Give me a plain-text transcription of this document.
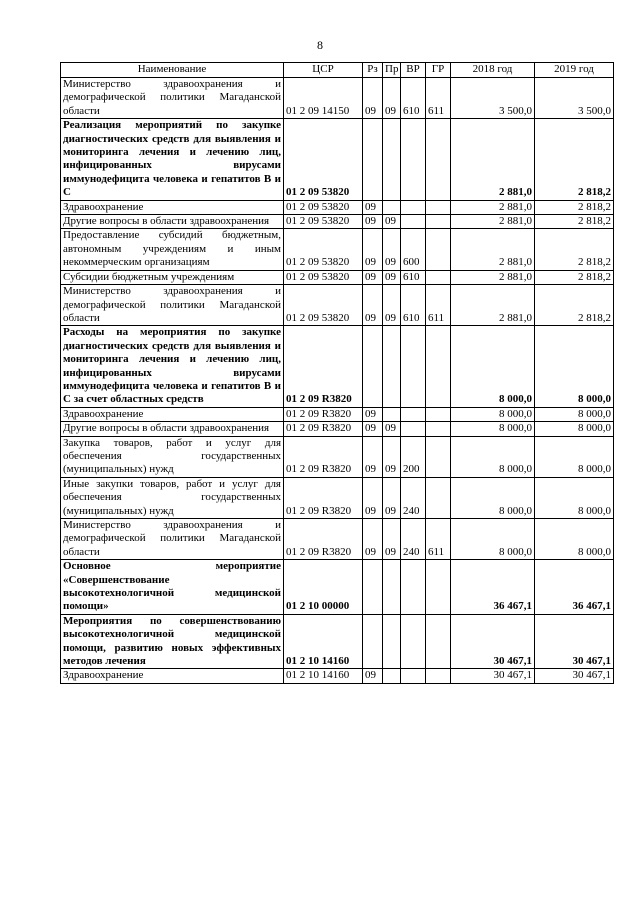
8
Наименование	ЦСР	Рз	Пр	ВР	ГР	2018 год	2019 год
Министерство здравоохранения и демографической политики Магаданской области	01 2 09 14150	09	09	610	611	3 500,0	3 500,0
Реализация мероприятий по закупке диагностических средств для выявления и мониторинга лечения и лечению лиц, инфицированных вирусами иммунодефицита человека и гепатитов В и С	01 2 09 53820					2 881,0	2 818,2
Здравоохранение	01 2 09 53820	09				2 881,0	2 818,2
Другие вопросы в области здравоохранения	01 2 09 53820	09	09			2 881,0	2 818,2
Предоставление субсидий бюджетным, автономным учреждениям и иным некоммерческим организациям	01 2 09 53820	09	09	600		2 881,0	2 818,2
Субсидии бюджетным учреждениям	01 2 09 53820	09	09	610		2 881,0	2 818,2
Министерство здравоохранения и демографической политики Магаданской области	01 2 09 53820	09	09	610	611	2 881,0	2 818,2
Расходы на мероприятия по закупке диагностических средств для выявления и мониторинга лечения и лечению лиц, инфицированных вирусами иммунодефицита человека и гепатитов В и С за счет областных средств	01 2 09 R3820					8 000,0	8 000,0
Здравоохранение	01 2 09 R3820	09				8 000,0	8 000,0
Другие вопросы в области здравоохранения	01 2 09 R3820	09	09			8 000,0	8 000,0
Закупка товаров, работ и услуг для обеспечения государственных (муниципальных) нужд	01 2 09 R3820	09	09	200		8 000,0	8 000,0
Иные закупки товаров, работ и услуг для обеспечения государственных (муниципальных) нужд	01 2 09 R3820	09	09	240		8 000,0	8 000,0
Министерство здравоохранения и демографической политики Магаданской области	01 2 09 R3820	09	09	240	611	8 000,0	8 000,0
Основное мероприятие «Совершенствование высокотехнологичной медицинской помощи»	01 2 10 00000					36 467,1	36 467,1
Мероприятия по совершенствованию высокотехнологичной медицинской помощи, развитию новых эффективных методов лечения	01 2 10 14160					30 467,1	30 467,1
Здравоохранение	01 2 10 14160	09				30 467,1	30 467,1
